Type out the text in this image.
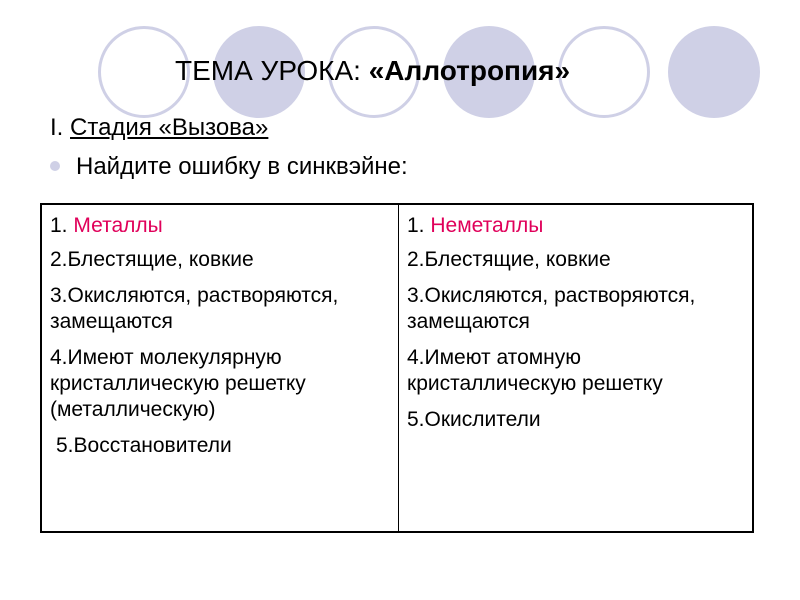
ТЕМА УРОКА: «Аллотропия»
I. Стадия «Вызова»
Найдите ошибку в синквэйне:
1. Металлы
2.Блестящие, ковкие
3.Окисляются, растворяются, замещаются
4.Имеют молекулярную кристаллическую решетку (металлическую)
5.Восстановители
1. Неметаллы
2.Блестящие, ковкие
3.Окисляются, растворяются, замещаются
4.Имеют атомную кристаллическую решетку
5.Окислители
